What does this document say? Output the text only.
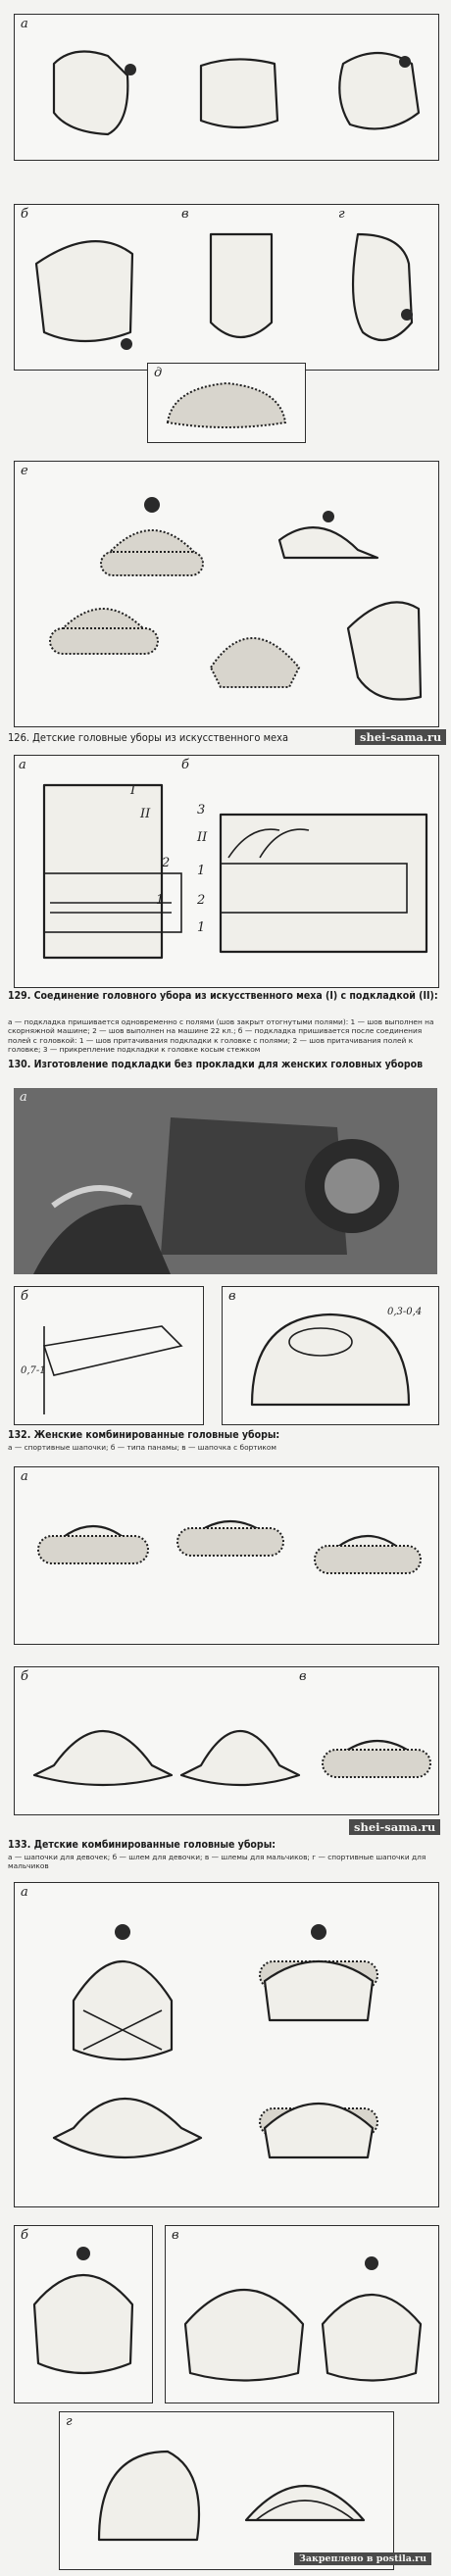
а
б	в	г
д
е
126. Детские головные уборы из искусственного меха	shei-sama.ru
а	б
I
II
2
1
3
II
1
2
1
129. Соединение головного убора из искусственного меха (I) с подкладкой (II):
а — подкладка пришивается одновременно с полями (шов закрыт отогнутыми полями): 1 — шов выполнен на скорняжной машине; 2 — шов выполнен на машине 22 кл.; б — подкладка пришивается после соединения полей с головкой: 1 — шов притачивания подкладки к головке с полями; 2 — шов притачивания полей к головке; 3 — прикрепление подкладки к головке косым стежком
130. Изготовление подкладки без прокладки для женских головных уборов
а
б
0,7-1
в
0,3-0,4
132. Женские комбинированные головные уборы:
а — спортивные шапочки; б — типа панамы; в — шапочка с бортиком
а
б	в
shei-sama.ru
133. Детские комбинированные головные уборы:
а — шапочки для девочек; б — шлем для девочки; в — шлемы для мальчиков; г — спортивные шапочки для мальчиков
а
б	в
г
Закреплено в postila.ru
